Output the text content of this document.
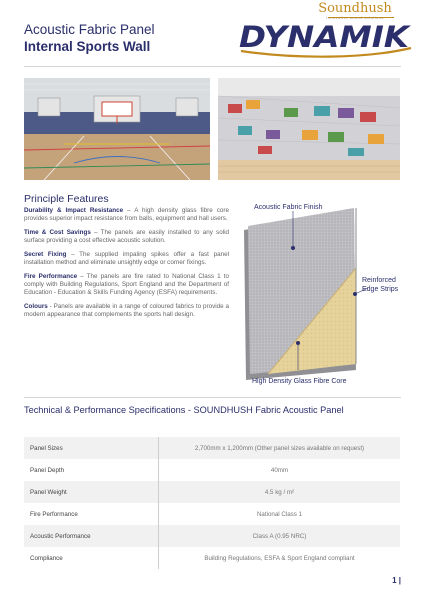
Acoustic Fabric Panel
Internal Sports Wall
Soundhush
DYNAMIK
Principle Features

Durability & Impact Resistance – A high density glass fibre core provides superior impact resistance from balls, equipment and hall users.

Time & Cost Savings – The panels are easily installed to any solid surface providing a cost effective acoustic solution.

Secret Fixing – The supplied impaling spikes offer a fast panel installation method and eliminate unsightly edge or corner fixings.

Fire Performance – The panels are fire rated to National Class 1 to comply with Building Regulations, Sport England and the Department of Education - Education & Skills Funding Agency (ESFA) requirements.

Colours - Panels are available in a range of coloured fabrics to provide a modern appearance that complements the sports hall design.

Acoustic Fabric Finish
Reinforced
Edge Strips
High Density Glass Fibre Core
Technical & Performance Specifications - SOUNDHUSH Fabric Acoustic Panel
Panel Sizes	2,700mm x 1,200mm (Other panel sizes available on request)
Panel Depth	40mm
Panel Weight	4.5 kg / m²
Fire Performance	National Class 1
Acoustic Performance	Class A (0.95 NRC)
Compliance	Building Regulations, ESFA & Sport England compliant
1 |
